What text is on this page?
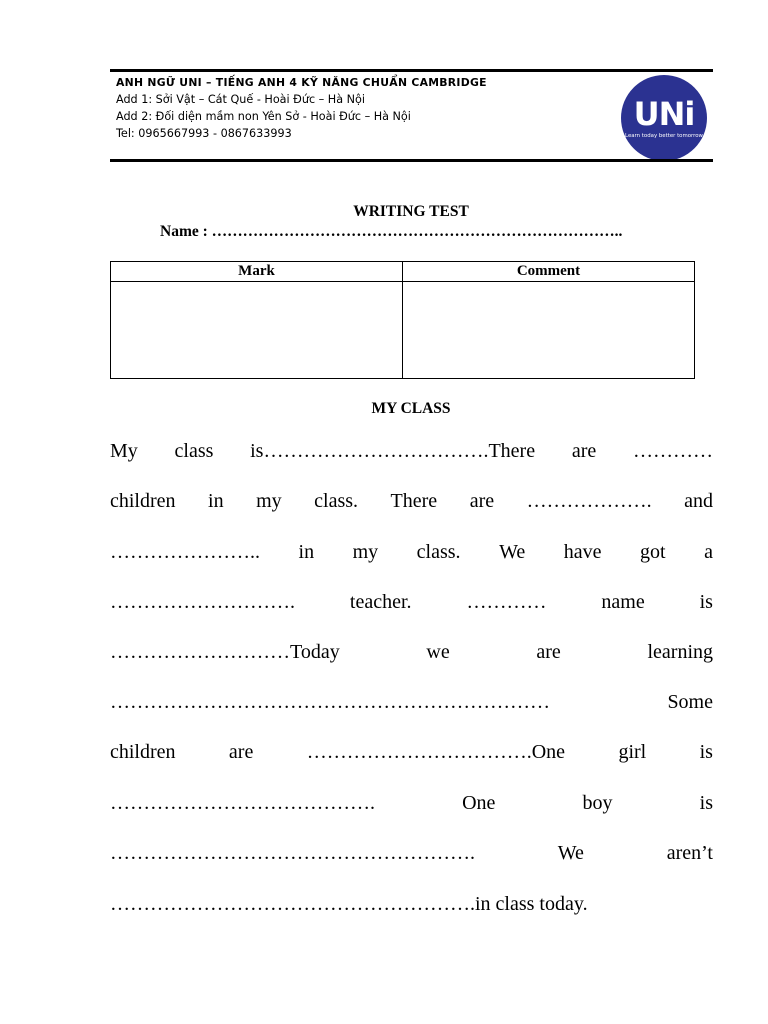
ANH NGỮ UNI – TIẾNG ANH 4 KỸ NĂNG CHUẨN CAMBRIDGE
Add 1: Sởi Vật – Cát Quế - Hoài Đức – Hà Nội
Add 2: Đối diện mầm non Yên Sở - Hoài Đức – Hà Nội
Tel: 0965667993 - 0867633993
UNi
Learn today better tomorrow
WRITING TEST
Name : ……………………………………………………………………..
Mark	Comment

MY CLASS
My class is…………………………….There are …………
children in my class. There are ………………. and
………………….. in my class. We have got a
……………………….	teacher.	…………	name	is
………………………Today	we	are	learning
…………………………………………………………	Some
children	are	…………………………….One	girl	is
………………………………….	One	boy	is
……………………………………………….	We	aren’t
……………………………………………….in class today.
